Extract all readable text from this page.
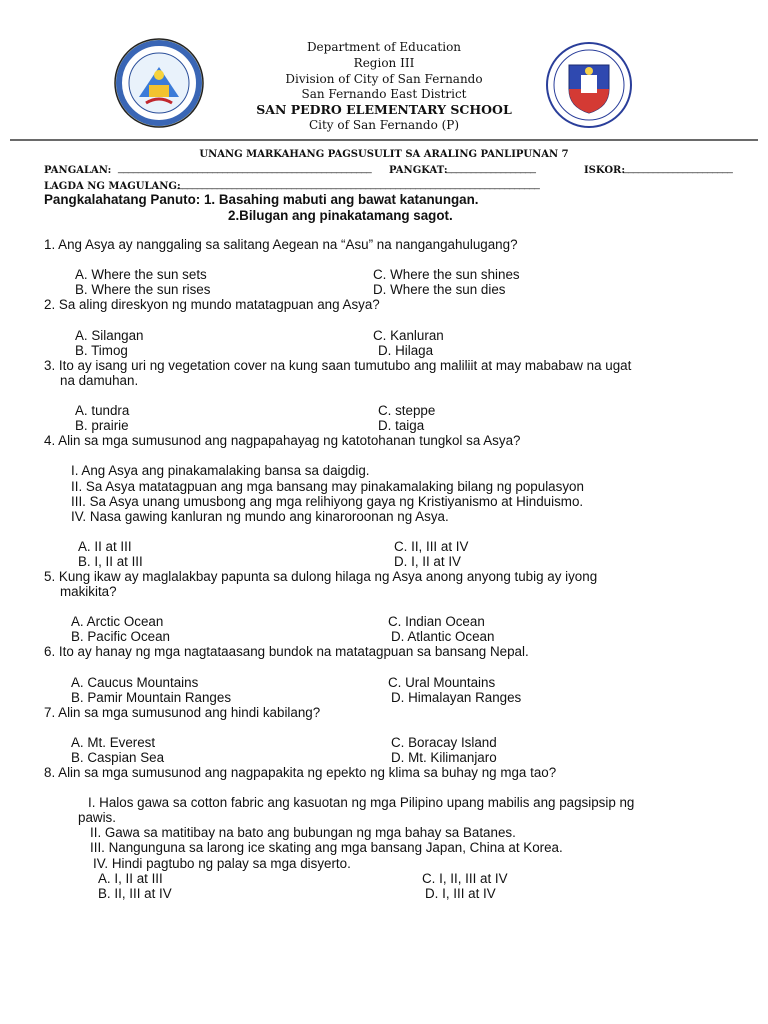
Department of Education
Region III
Division of City of San Fernando
San Fernando East District
SAN PEDRO ELEMENTARY SCHOOL
City of San Fernando (P)
UNANG MARKAHANG PAGSUSULIT SA ARALING PANLIPUNAN 7
PANGALAN: ___________________________________________________ PANGKAT:
__________________	ISKOR:
______________________
LAGDA NG MAGULANG:
_________________________________________________________________________
Pangkalahatang Panuto: 1. Basahing mabuti ang bawat katanungan.
2.Bilugan ang pinakatamang sagot.
1. Ang Asya ay nanggaling sa salitang Aegean na “Asu” na nangangahulugang?
A. Where the sun sets
B. Where the sun rises
C. Where the sun shines
D. Where the sun dies
2. Sa aling direskyon ng mundo matatagpuan ang Asya?
A. Silangan
B. Timog
C. Kanluran
D. Hilaga
3. Ito ay isang uri ng vegetation cover na kung saan tumutubo ang maliliit at may mababaw na ugat
na damuhan.
A. tundra
B. prairie
C. steppe
D. taiga
4. Alin sa mga sumusunod ang nagpapahayag ng katotohanan tungkol sa Asya?
I. Ang Asya ang pinakamalaking bansa sa daigdig.
II. Sa Asya matatagpuan ang mga bansang may pinakamalaking bilang ng populasyon
III. Sa Asya unang umusbong ang mga relihiyong gaya ng Kristiyanismo at Hinduismo.
IV. Nasa gawing kanluran ng mundo ang kinaroroonan ng Asya.
A. II at III
B. I, II at III
C. II, III at IV
D. I, II at IV
5. Kung ikaw ay maglalakbay papunta sa dulong hilaga ng Asya anong anyong tubig ay iyong
makikita?
A. Arctic Ocean
B. Pacific Ocean
C. Indian Ocean
D. Atlantic Ocean
6. Ito ay hanay ng mga nagtataasang bundok na matatagpuan sa bansang Nepal.
A. Caucus Mountains
B. Pamir Mountain Ranges
C. Ural Mountains
D. Himalayan Ranges
7. Alin sa mga sumusunod ang hindi kabilang?
A. Mt. Everest
B. Caspian Sea
C. Boracay Island
D. Mt. Kilimanjaro
8. Alin sa mga sumusunod ang nagpapakita ng epekto ng klima sa buhay ng mga tao?
I. Halos gawa sa cotton fabric ang kasuotan ng mga Pilipino upang mabilis ang pagsipsip ng
pawis.
II. Gawa sa matitibay na bato ang bubungan ng mga bahay sa Batanes.
III. Nangunguna sa larong ice skating ang mga bansang Japan, China at Korea.
IV. Hindi pagtubo ng palay sa mga disyerto.
A. I, II at III
B. II, III at IV
C. I, II, III at IV
D. I, III at IV
